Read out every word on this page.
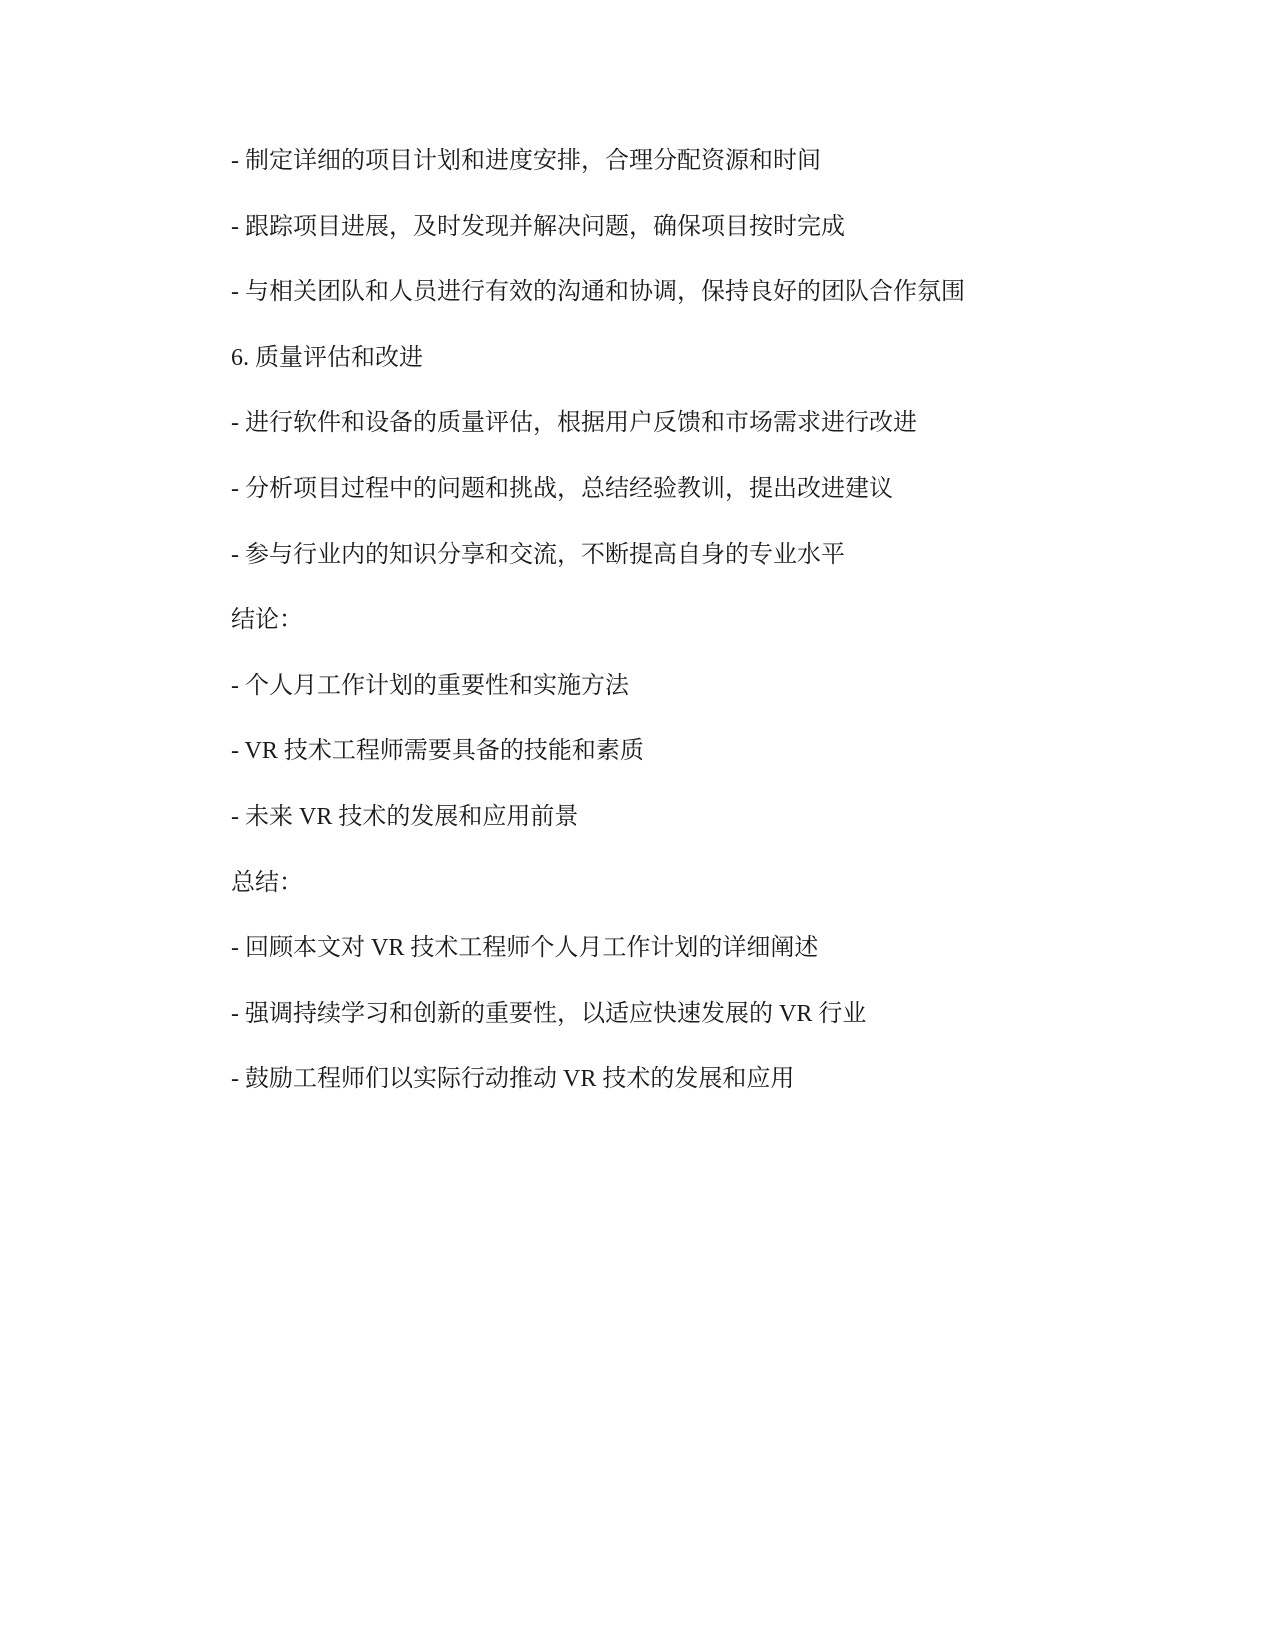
- 制定详细的项目计划和进度安排，合理分配资源和时间

- 跟踪项目进展，及时发现并解决问题，确保项目按时完成

- 与相关团队和人员进行有效的沟通和协调，保持良好的团队合作氛围

6. 质量评估和改进

- 进行软件和设备的质量评估，根据用户反馈和市场需求进行改进

- 分析项目过程中的问题和挑战，总结经验教训，提出改进建议

- 参与行业内的知识分享和交流，不断提高自身的专业水平

结论：

- 个人月工作计划的重要性和实施方法

- VR 技术工程师需要具备的技能和素质

- 未来 VR 技术的发展和应用前景

总结：

- 回顾本文对 VR 技术工程师个人月工作计划的详细阐述

- 强调持续学习和创新的重要性，以适应快速发展的 VR 行业

- 鼓励工程师们以实际行动推动 VR 技术的发展和应用
